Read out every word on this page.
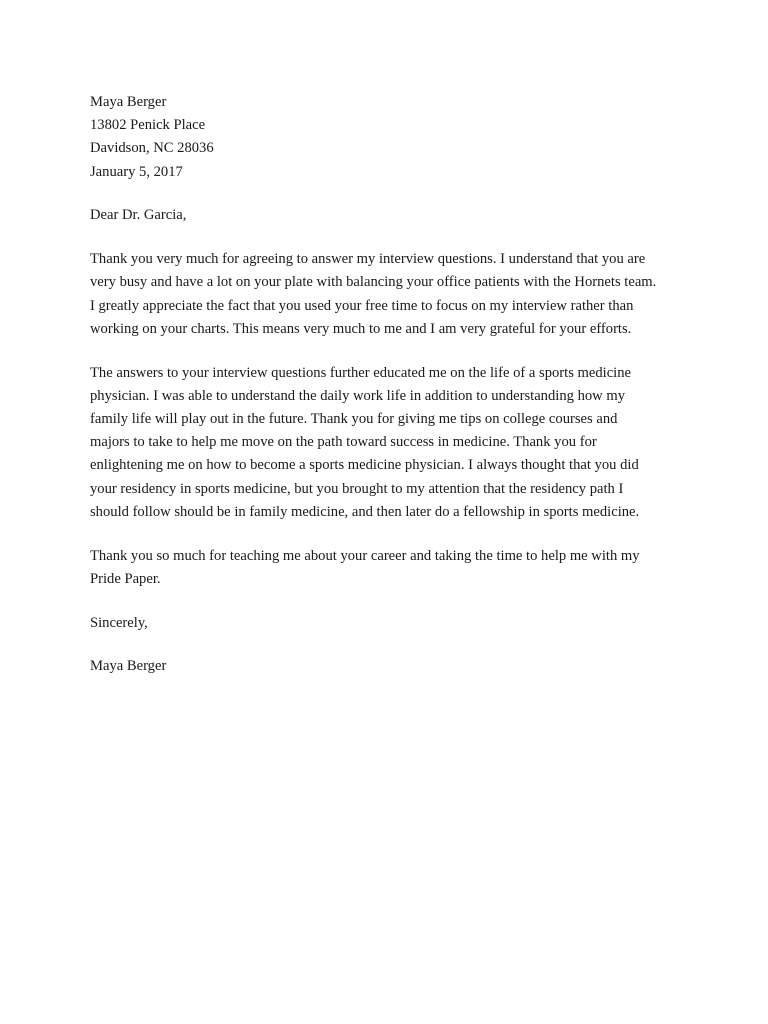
Maya Berger
13802 Penick Place
Davidson, NC 28036
January 5, 2017
Dear Dr. Garcia,
Thank you very much for agreeing to answer my interview questions. I understand that you are
very busy and have a lot on your plate with balancing your office patients with the Hornets team.
I greatly appreciate the fact that you used your free time to focus on my interview rather than
working on your charts. This means very much to me and I am very grateful for your efforts.
The answers to your interview questions further educated me on the life of a sports medicine
physician. I was able to understand the daily work life in addition to understanding how my
family life will play out in the future. Thank you for giving me tips on college courses and
majors to take to help me move on the path toward success in medicine. Thank you for
enlightening me on how to become a sports medicine physician. I always thought that you did
your residency in sports medicine, but you brought to my attention that the residency path I
should follow should be in family medicine, and then later do a fellowship in sports medicine.
Thank you so much for teaching me about your career and taking the time to help me with my
Pride Paper.
Sincerely,
Maya Berger
